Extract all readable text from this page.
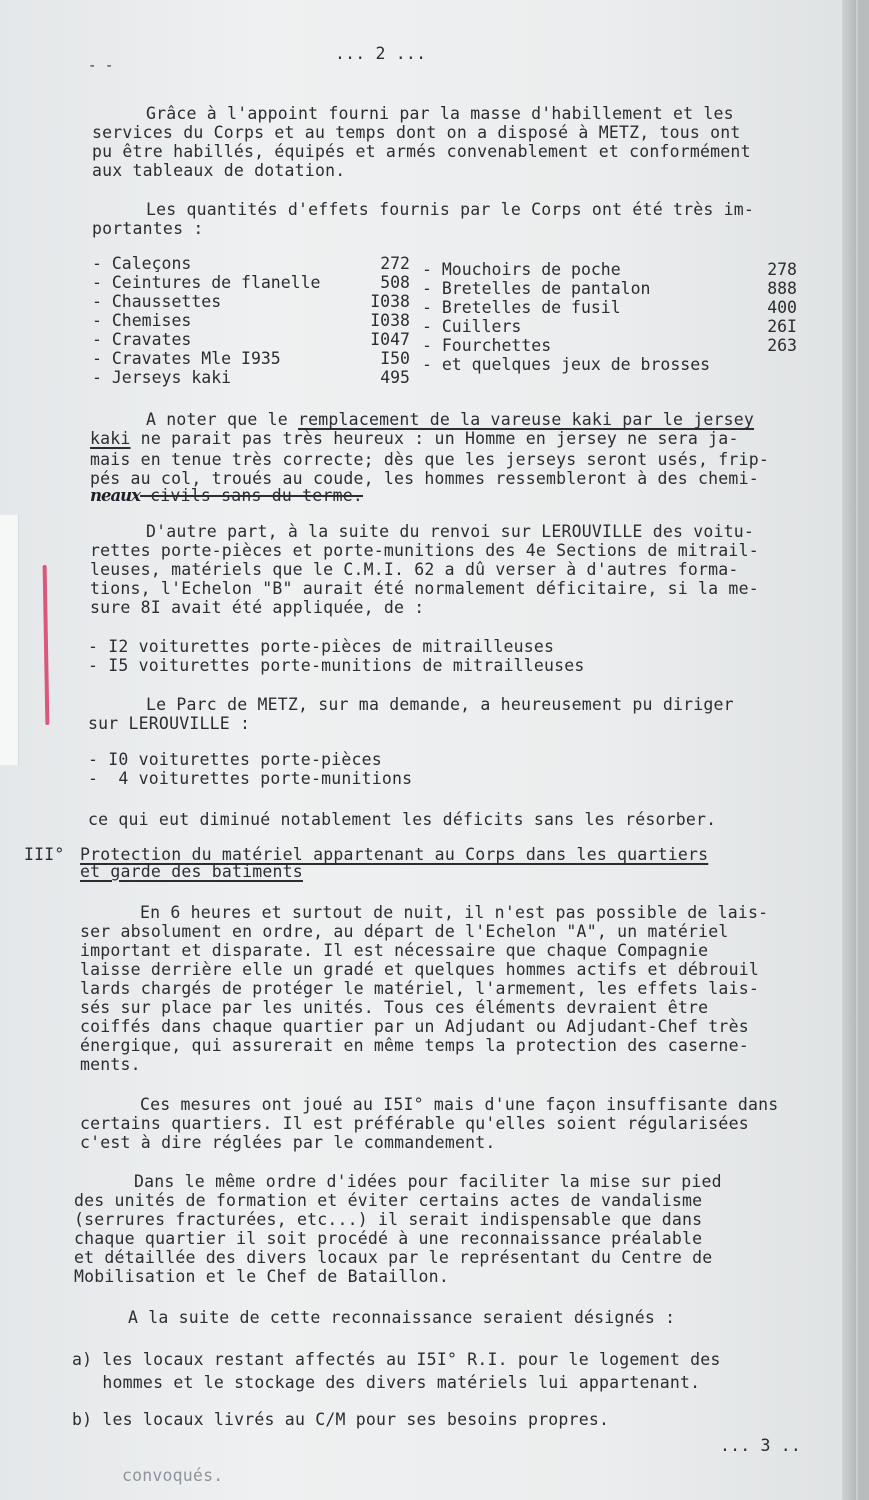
- -
... 2 ...
Grâce à l'appoint fourni par la masse d'habillement et les
services du Corps et au temps dont on a disposé à METZ, tous ont
pu être habillés, équipés et armés convenablement et conformément
aux tableaux de dotation.
Les quantités d'effets fournis par le Corps ont été très im-
portantes :
- Caleçons	272
- Ceintures de flanelle	508
- Chaussettes	I038
- Chemises	I038
- Cravates	I047
- Cravates Mle I935	I50
- Jerseys kaki	495
- Mouchoirs de poche	278
- Bretelles de pantalon	888
- Bretelles de fusil	400
- Cuillers	26I
- Fourchettes	263
- et quelques jeux de brosses
A noter que le remplacement de la vareuse kaki par le jersey
kaki ne parait pas très heureux : un Homme en jersey ne sera ja-
mais en tenue très correcte; dès que les jerseys seront usés, frip-
pés au col, troués au coude, les hommes ressembleront à des chemi-
neaux civils sans du terme.
D'autre part, à la suite du renvoi sur LEROUVILLE des voitu-
rettes porte-pièces et porte-munitions des 4e Sections de mitrail-
leuses, matériels que le C.M.I. 62 a dû verser à d'autres forma-
tions, l'Echelon "B" aurait été normalement déficitaire, si la me-
sure 8I avait été appliquée, de :
- I2 voiturettes porte-pièces de mitrailleuses
- I5 voiturettes porte-munitions de mitrailleuses
Le Parc de METZ, sur ma demande, a heureusement pu diriger
sur LEROUVILLE :
- I0 voiturettes porte-pièces
-  4 voiturettes porte-munitions
ce qui eut diminué notablement les déficits sans les résorber.
III° Protection du matériel appartenant au Corps dans les quartiers
et garde des batiments
En 6 heures et surtout de nuit, il n'est pas possible de lais-
ser absolument en ordre, au départ de l'Echelon "A", un matériel
important et disparate. Il est nécessaire que chaque Compagnie
laisse derrière elle un gradé et quelques hommes actifs et débrouil
lards chargés de protéger le matériel, l'armement, les effets lais-
sés sur place par les unités. Tous ces éléments devraient être
coiffés dans chaque quartier par un Adjudant ou Adjudant-Chef très
énergique, qui assurerait en même temps la protection des caserne-
ments.
Ces mesures ont joué au I5I° mais d'une façon insuffisante dans
certains quartiers. Il est préférable qu'elles soient régularisées
c'est à dire réglées par le commandement.
Dans le même ordre d'idées pour faciliter la mise sur pied
des unités de formation et éviter certains actes de vandalisme
(serrures fracturées, etc...) il serait indispensable que dans
chaque quartier il soit procédé à une reconnaissance préalable
et détaillée des divers locaux par le représentant du Centre de
Mobilisation et le Chef de Bataillon.
A la suite de cette reconnaissance seraient désignés :
a) les locaux restant affectés au I5I° R.I. pour le logement des
hommes et le stockage des divers matériels lui appartenant.
b) les locaux livrés au C/M pour ses besoins propres.
... 3 ..
convoqués.
